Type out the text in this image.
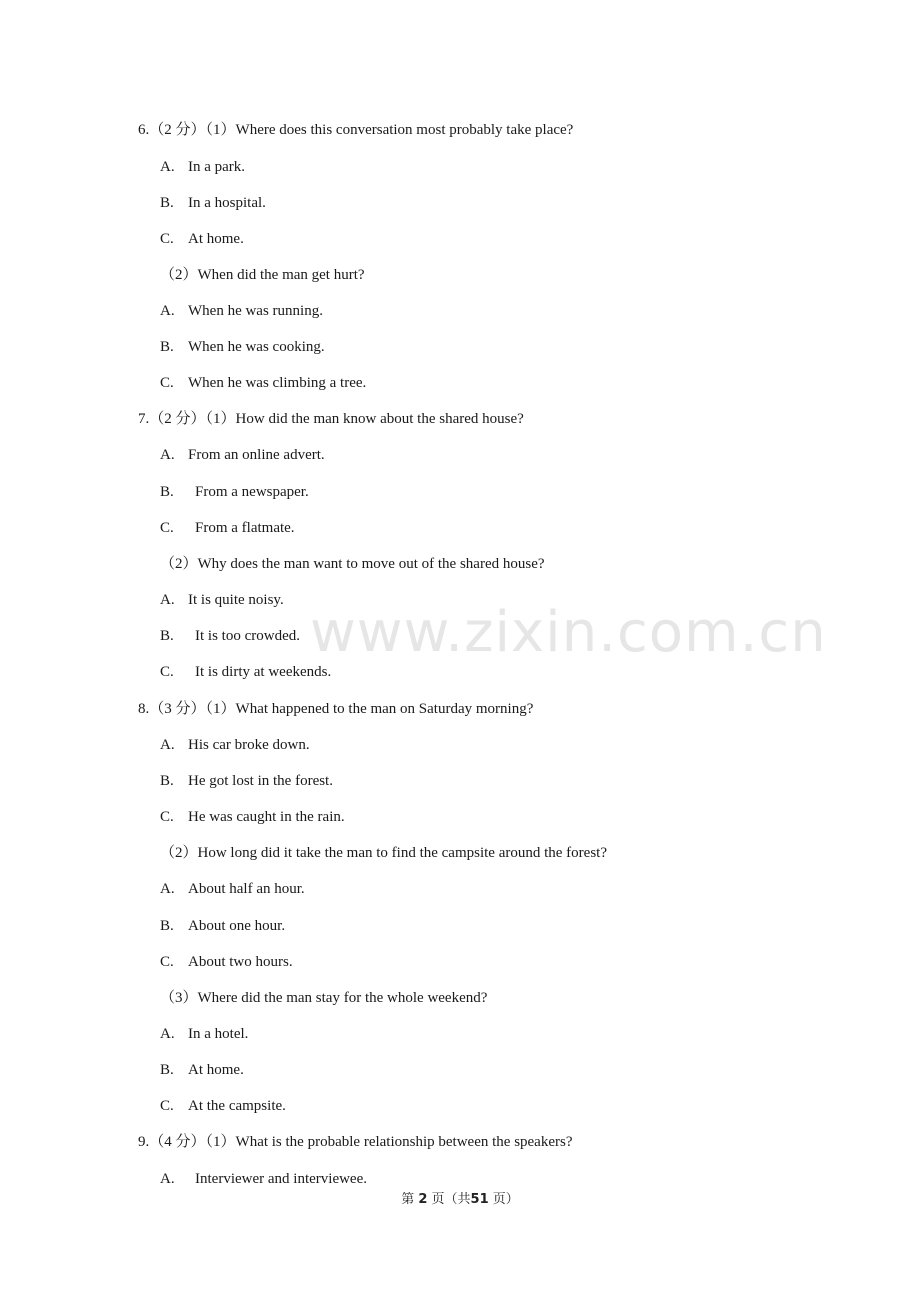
6.（2 分）（1）Where does this conversation most probably take place?
A. In a park.
B. In a hospital.
C. At home.
（2）When did the man get hurt?
A. When he was running.
B. When he was cooking.
C. When he was climbing a tree.
7.（2 分）（1）How did the man know about the shared house?
A. From an online advert.
B. From a newspaper.
C. From a flatmate.
（2）Why does the man want to move out of the shared house?
A. It is quite noisy.
B. It is too crowded.
C. It is dirty at weekends.
8.（3 分）（1）What happened to the man on Saturday morning?
A. His car broke down.
B. He got lost in the forest.
C. He was caught in the rain.
（2）How long did it take the man to find the campsite around the forest?
A. About half an hour.
B. About one hour.
C. About two hours.
（3）Where did the man stay for the whole weekend?
A. In a hotel.
B. At home.
C. At the campsite.
9.（4 分）（1）What is the probable relationship between the speakers?
A. Interviewer and interviewee.
www.zixin.com.cn
第 2 页（共51 页）
